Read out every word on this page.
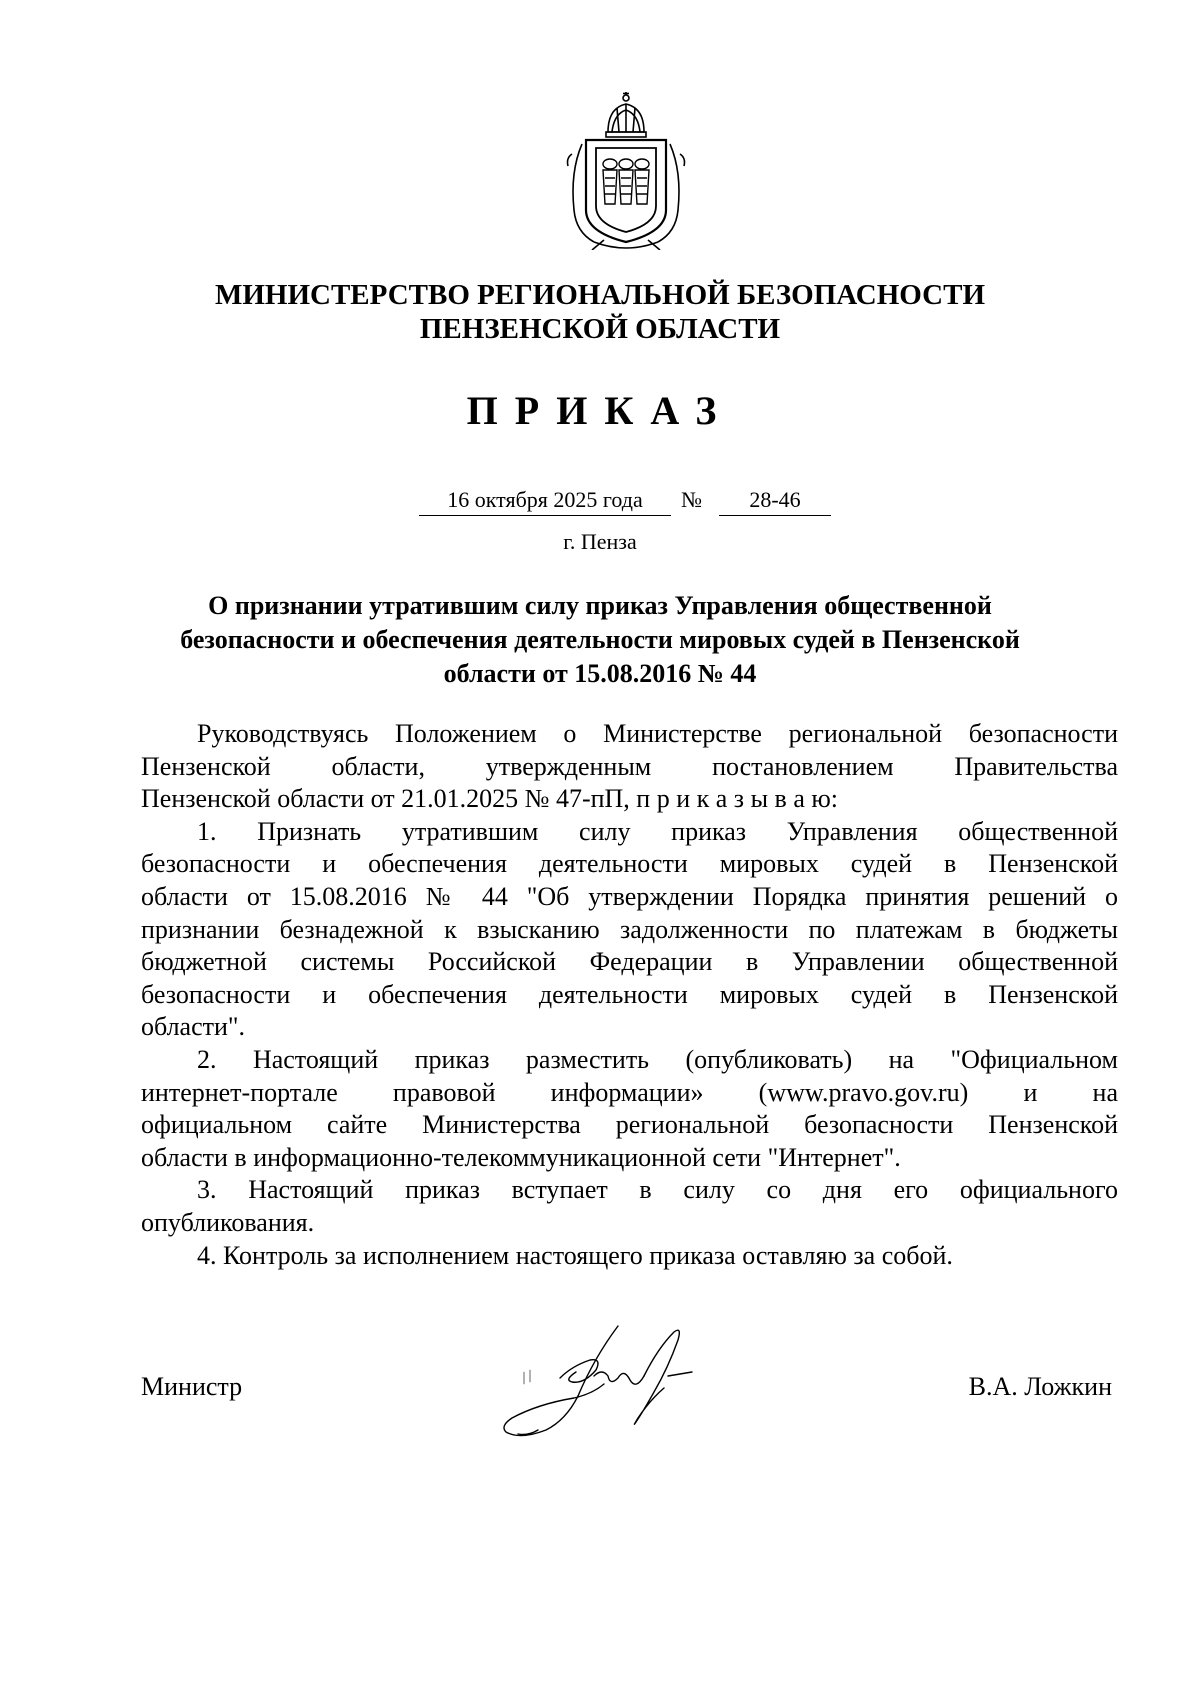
МИНИСТЕРСТВО РЕГИОНАЛЬНОЙ БЕЗОПАСНОСТИ
ПЕНЗЕНСКОЙ ОБЛАСТИ
ПРИКАЗ
16 октября 2025 года	№	28-46
г. Пенза
О признании утратившим силу приказ Управления общественной
безопасности и обеспечения деятельности мировых судей в Пензенской
области от 15.08.2016 № 44
Руководствуясь Положением о Министерстве региональной безопасности
Пензенской области, утвержденным постановлением Правительства
Пензенской области от 21.01.2025 № 47-пП, п р и к а з ы в а ю:
1. Признать утратившим силу приказ Управления общественной
безопасности и обеспечения деятельности мировых судей в Пензенской
области от 15.08.2016 № 44 "Об утверждении Порядка принятия решений о
признании безнадежной к взысканию задолженности по платежам в бюджеты
бюджетной системы Российской Федерации в Управлении общественной
безопасности и обеспечения деятельности мировых судей в Пензенской
области".
2. Настоящий приказ разместить (опубликовать) на "Официальном
интернет-портале правовой информации» (www.pravo.gov.ru) и на
официальном сайте Министерства региональной безопасности Пензенской
области в информационно-телекоммуникационной сети "Интернет".
3. Настоящий приказ вступает в силу со дня его официального
опубликования.
4. Контроль за исполнением настоящего приказа оставляю за собой.
Министр	В.А. Ложкин
